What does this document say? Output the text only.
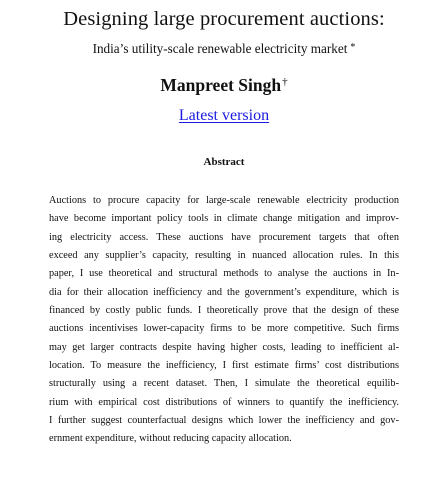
Designing large procurement auctions:
India’s utility-scale renewable electricity market *
Manpreet Singh†
Latest version
Abstract
Auctions to procure capacity for large-scale renewable electricity production
have become important policy tools in climate change mitigation and improv-
ing electricity access. These auctions have procurement targets that often
exceed any supplier’s capacity, resulting in nuanced allocation rules. In this
paper, I use theoretical and structural methods to analyse the auctions in In-
dia for their allocation inefficiency and the government’s expenditure, which is
financed by costly public funds. I theoretically prove that the design of these
auctions incentivises lower-capacity firms to be more competitive. Such firms
may get larger contracts despite having higher costs, leading to inefficient al-
location. To measure the inefficiency, I first estimate firms’ cost distributions
structurally using a recent dataset. Then, I simulate the theoretical equilib-
rium with empirical cost distributions of winners to quantify the inefficiency.
I further suggest counterfactual designs which lower the inefficiency and gov-
ernment expenditure, without reducing capacity allocation.
